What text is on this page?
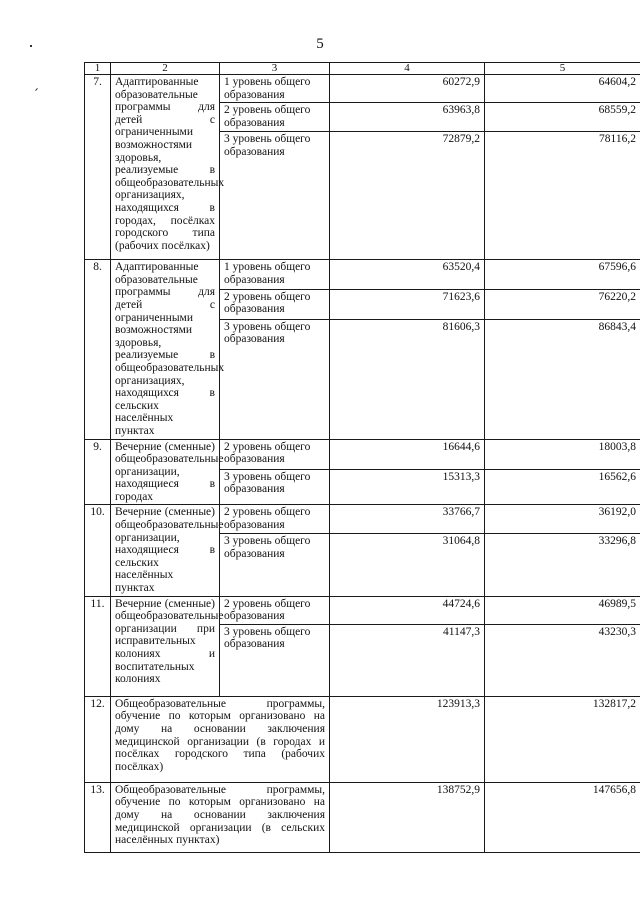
5
1	2	3	4	5
7.	Адаптированные образовательные программы для детей с ограниченными возможностями здоровья, реализуемые в общеобразовательных организациях, находящихся в городах, посёлках городского типа (рабочих посёлках)	1 уровень общего образования	60272,9	64604,2
		2 уровень общего образования	63963,8	68559,2
		3 уровень общего образования	72879,2	78116,2
8.	Адаптированные образовательные программы для детей с ограниченными возможностями здоровья, реализуемые в общеобразовательных организациях, находящихся в сельских населённых пунктах	1 уровень общего образования	63520,4	67596,6
		2 уровень общего образования	71623,6	76220,2
		3 уровень общего образования	81606,3	86843,4
9.	Вечерние (сменные) общеобразовательные организации, находящиеся в городах	2 уровень общего образования	16644,6	18003,8
		3 уровень общего образования	15313,3	16562,6
10.	Вечерние (сменные) общеобразовательные организации, находящиеся в сельских населённых пунктах	2 уровень общего образования	33766,7	36192,0
		3 уровень общего образования	31064,8	33296,8
11.	Вечерние (сменные) общеобразовательные организации при исправительных колониях и воспитательных колониях	2 уровень общего образования	44724,6	46989,5
		3 уровень общего образования	41147,3	43230,3
12.	Общеобразовательные программы, обучение по которым организовано на дому на основании заключения медицинской организации (в городах и посёлках городского типа (рабочих посёлках)		123913,3	132817,2
13.	Общеобразовательные программы, обучение по которым организовано на дому на основании заключения медицинской организации (в сельских населённых пунктах)		138752,9	147656,8
